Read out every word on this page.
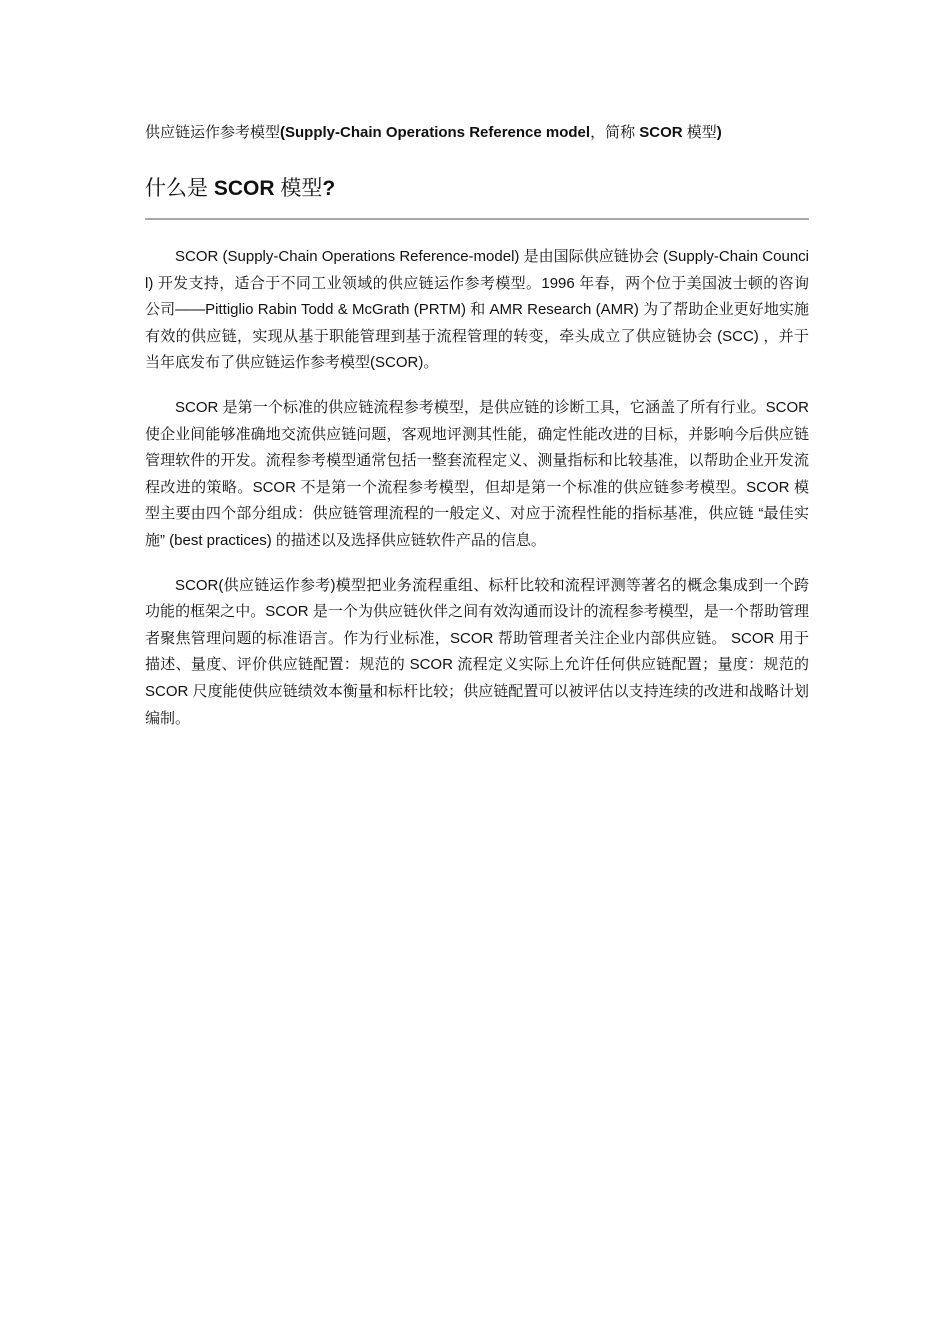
供应链运作参考模型(Supply-Chain Operations Reference model，简称 SCOR 模型)

什么是 SCOR 模型?

SCOR (Supply-Chain Operations Reference-model) 是由国际供应链协会 (Supply-Chain Council) 开发支持，适合于不同工业领域的供应链运作参考模型。1996 年春，两个位于美国波士顿的咨询公司——Pittiglio Rabin Todd & McGrath (PRTM) 和 AMR Research (AMR) 为了帮助企业更好地实施有效的供应链，实现从基于职能管理到基于流程管理的转变，牵头成立了供应链协会 (SCC) ，并于当年底发布了供应链运作参考模型(SCOR)。

SCOR 是第一个标准的供应链流程参考模型，是供应链的诊断工具，它涵盖了所有行业。SCOR 使企业间能够准确地交流供应链问题，客观地评测其性能，确定性能改进的目标，并影响今后供应链管理软件的开发。流程参考模型通常包括一整套流程定义、测量指标和比较基准，以帮助企业开发流程改进的策略。SCOR 不是第一个流程参考模型，但却是第一个标准的供应链参考模型。SCOR 模型主要由四个部分组成：供应链管理流程的一般定义、对应于流程性能的指标基准，供应链 “最佳实施” (best practices) 的描述以及选择供应链软件产品的信息。

SCOR(供应链运作参考)模型把业务流程重组、标杆比较和流程评测等著名的概念集成到一个跨功能的框架之中。SCOR 是一个为供应链伙伴之间有效沟通而设计的流程参考模型，是一个帮助管理者聚焦管理问题的标准语言。作为行业标准，SCOR 帮助管理者关注企业内部供应链。 SCOR 用于描述、量度、评价供应链配置：规范的 SCOR 流程定义实际上允许任何供应链配置；量度：规范的 SCOR 尺度能使供应链绩效本衡量和标杆比较；供应链配置可以被评估以支持连续的改进和战略计划编制。
